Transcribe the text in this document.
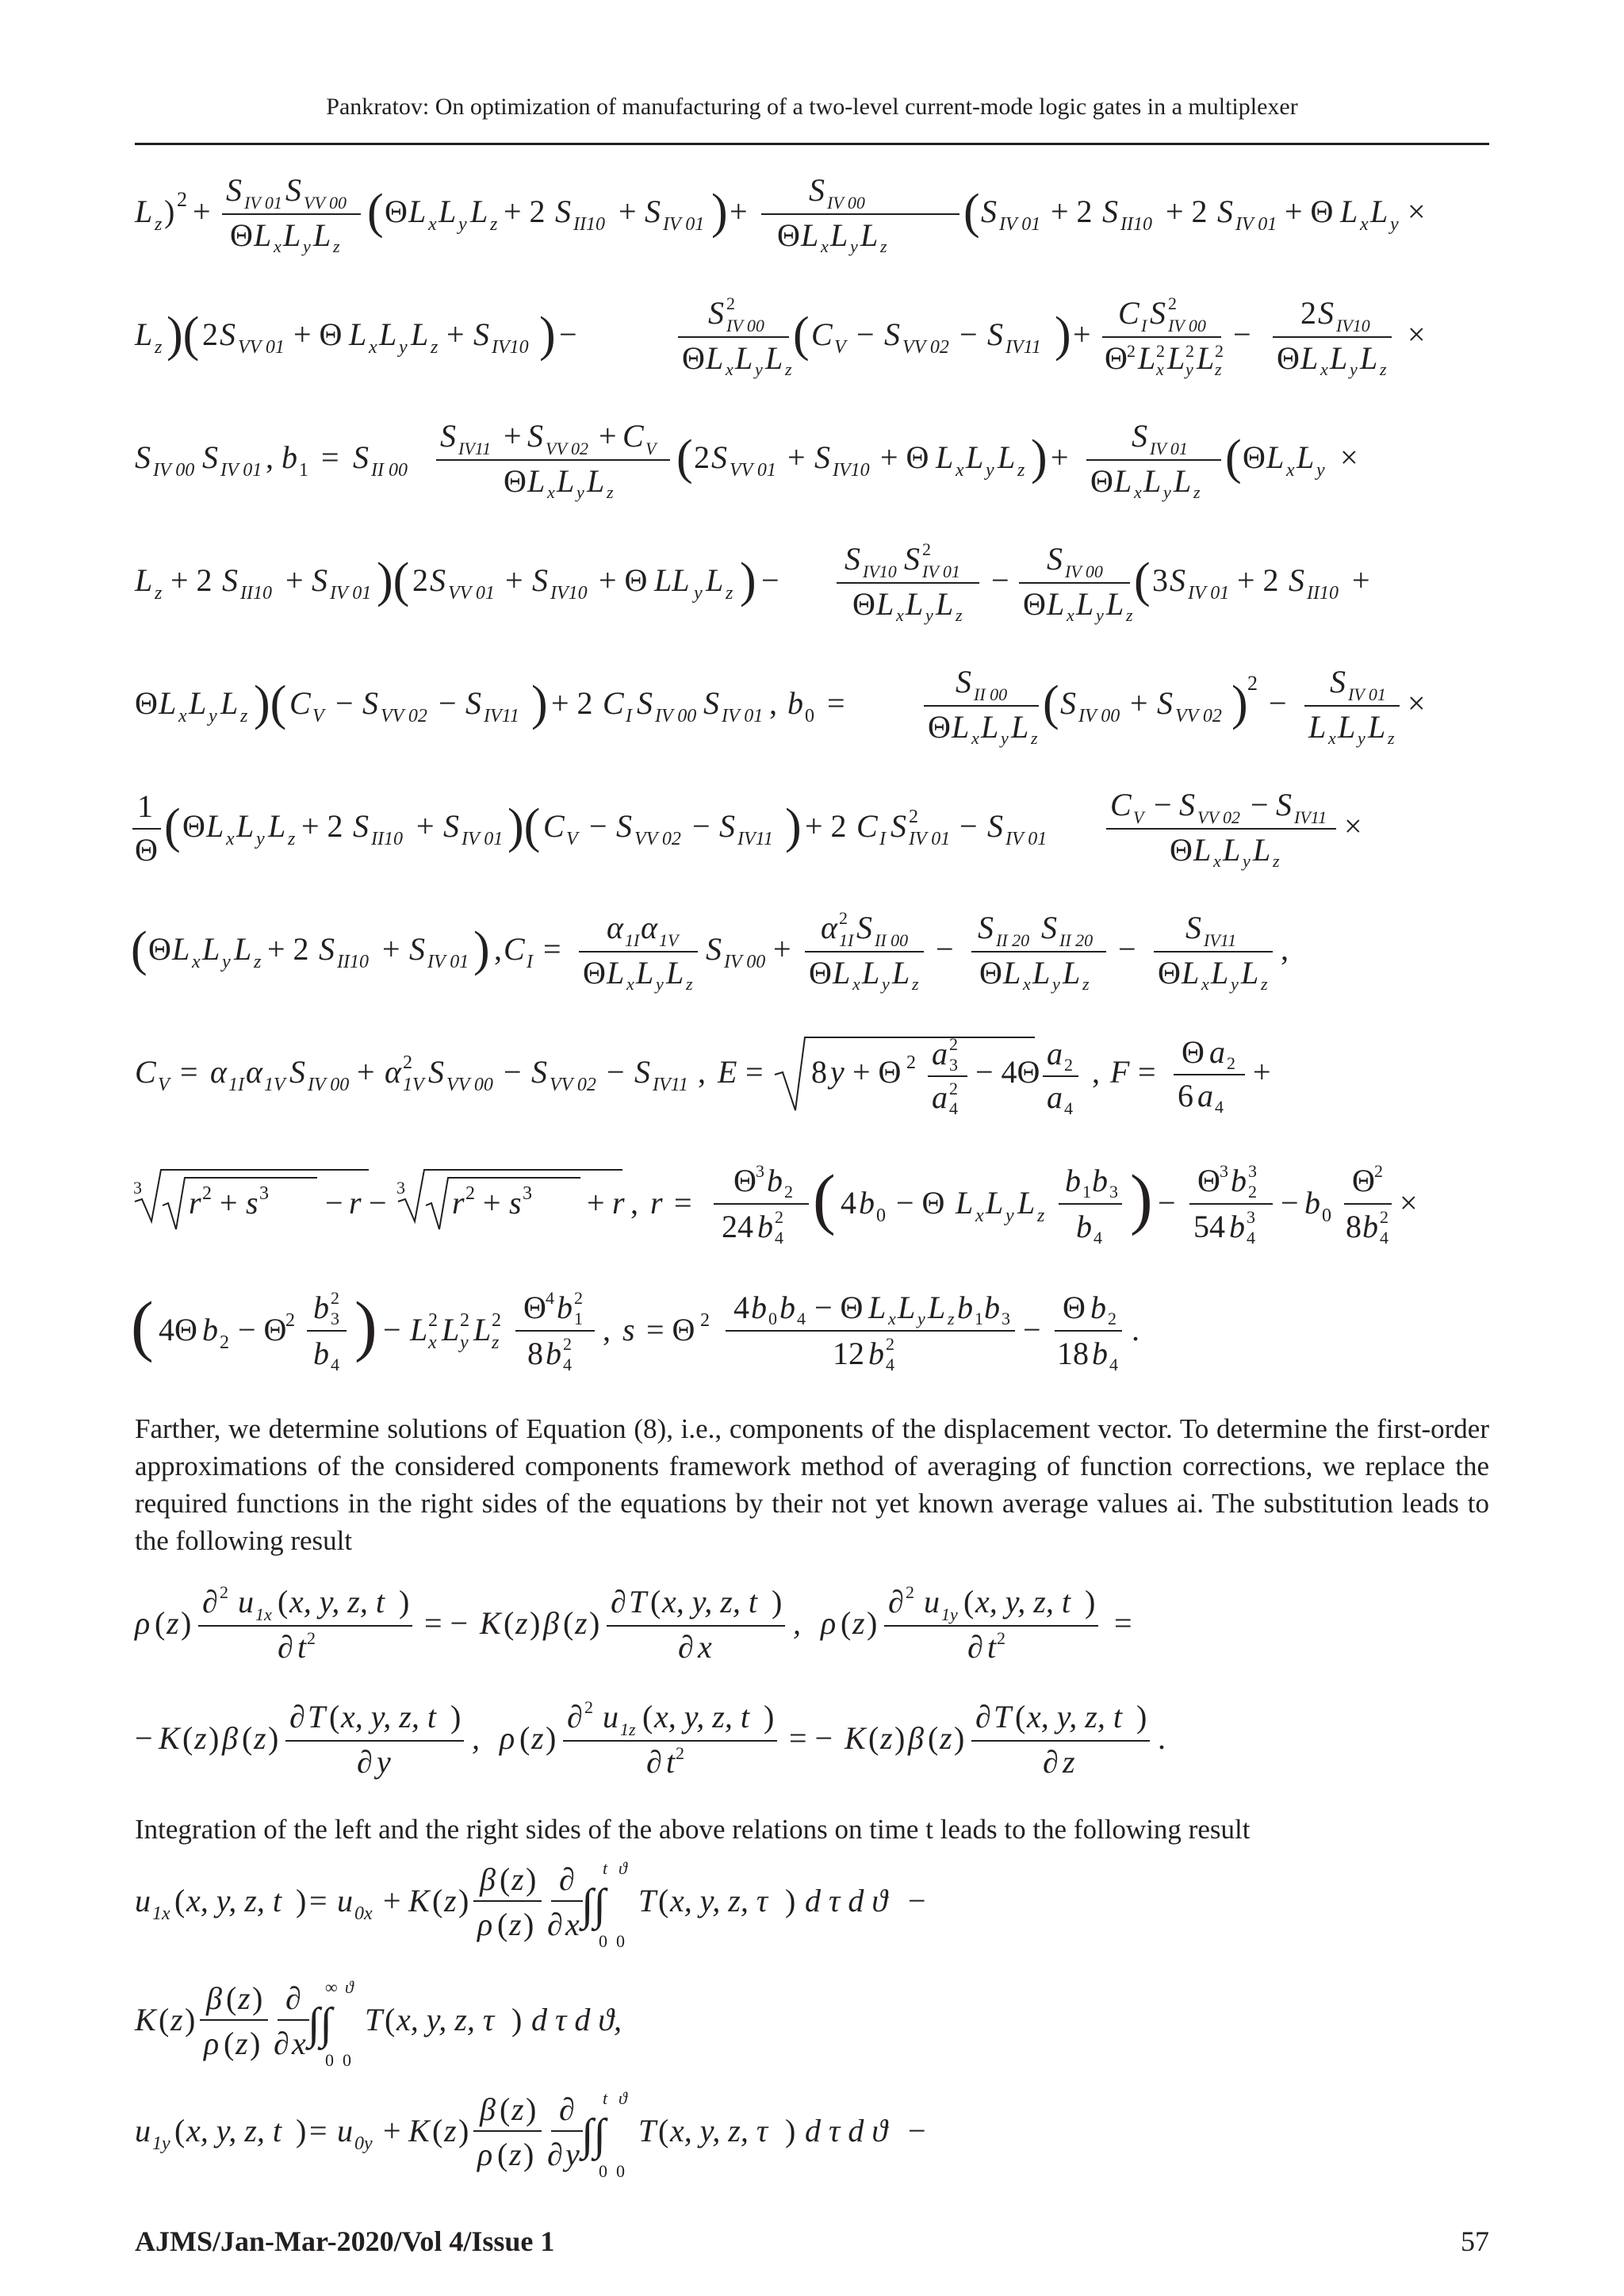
Pankratov: On optimization of manufacturing of a two-level current-mode logic gates in a multiplexer
L z ) 2 +
S IV 01 S VV 00
Θ L x L y L z
( Θ L x L y L z + 2 S II10 + S IV 01 ) +
S IV 00
Θ L x L y L z
( S IV 01 + 2 S II10 + 2 S IV 01 + Θ L x L y ×
L z )( 2 S VV 01 + Θ L x L y L z + S IV10 ) −
S 2
IV 00
Θ L x L y L z
( C V − S VV 02 − S IV11 ) +
C I S 2
IV 00
Θ 2 L 2
x L 2
y L 2
z
−
2 S IV10
Θ L x L y L z
×
S IV 00 S IV 01 , b 1 = S II 00
S IV11 + S VV 02 + C V
Θ L x L y L z
( 2 S VV 01 + S IV10 + Θ L x L y L z ) +
S IV 01
Θ L x L y L z
( Θ L x L y ×
L z + 2 S II10 + S IV 01 )( 2 S VV 01 + S IV10 + Θ LL y L z ) −
S IV10 S 2
IV 01
Θ L x L y L z
−
S IV 00
Θ L x L y L z
( 3 S IV 01 + 2 S II10 +
Θ L x L y L z )( C V − S VV 02 − S IV11 ) + 2 C I S IV 00 S IV 01 , b 0 =
S II 00
Θ L x L y L z
( S IV 00 + S VV 02 ) 2
−
S IV 01
L x L y L z
×
1
Θ ( Θ L x L y L z + 2 S II10 + S IV 01 )( C V − S VV 02 − S IV11 ) + 2 C I S 2
IV 01 − S IV 01
C V − S VV 02 − S IV11
Θ L x L y L z
×
( Θ L x L y L z + 2 S II10 + S IV 01 ) , C I =
α 1I α 1V
Θ L x L y L z
S IV 00 +
α 2
1I S II 00
Θ L x L y L z
−
S II 20 S II 20
Θ L x L y L z
−
S IV11
Θ L x L y L z
,
C V = α 1I α 1V S IV 00 + α 2
1V S VV 00 − S VV 02 − S IV11 , E = 8 y + Θ 2 a 2
3
a 2
4
− 4Θ
a 2
a 4
, F =
Θ a 2
6 a 4
+
3 r 2 + s 3 − r − 3 r 2 + s 3 + r , r =
Θ 3 b 2
24 b 2
4
( 4 b 0 − Θ L x L y L z
b 1 b 3
b 4
) −
Θ 3 b 3
2
54 b 3
4
− b 0
Θ 2
8 b 2
4
×
( 4Θ b 2 − Θ
2 b 2
3
b 4
) − L 2
x L 2
y L 2
z
Θ 4 b 2
1
8 b 2
4
, s = Θ 2 4 b 0 b 4 − Θ L x L y L z b 1 b 3
12 b 2
4
−
Θ b 2
18 b 4
.
Farther, we determine solutions of Equation (8), i.e., components of the displacement vector. To determine the first-order approximations of the considered components framework method of averaging of function corrections, we replace the required functions in the right sides of the equations by their not yet known average values ai. The substitution leads to the following result
ρ ( z )
∂ 2 u 1x ( x, y, z, t )
∂ t 2	= − K ( z ) β ( z )
∂ T ( x, y, z, t )
∂ x
, ρ ( z )
∂ 2 u 1y ( x, y, z, t )
∂ t 2	=
− K ( z ) β ( z )
∂ T ( x, y, z, t )
∂ y
, ρ ( z )
∂ 2 u 1z ( x, y, z, t )
∂ t 2	= − K ( z ) β ( z )
∂ T ( x, y, z, t )
∂ z
.
Integration of the left and the right sides of the above relations on time t leads to the following result
u 1x ( x, y, z, t ) = u 0x + K ( z )
β ( z )
ρ ( z )
∂
∂ x ∫∫
t ϑ
0 0
T ( x, y, z, τ ) d τ d ϑ −
K ( z )
β ( z )
ρ ( z )
∂
∂ x ∫∫
∞ ϑ
0 0
T ( x, y, z, τ ) d τ d ϑ,
u 1y ( x, y, z, t ) = u 0y + K ( z )
β ( z )
ρ ( z )
∂
∂ y ∫∫
t ϑ
0 0
T ( x, y, z, τ ) d τ d ϑ −
AJMS/Jan-Mar-2020/Vol 4/Issue 1	57
